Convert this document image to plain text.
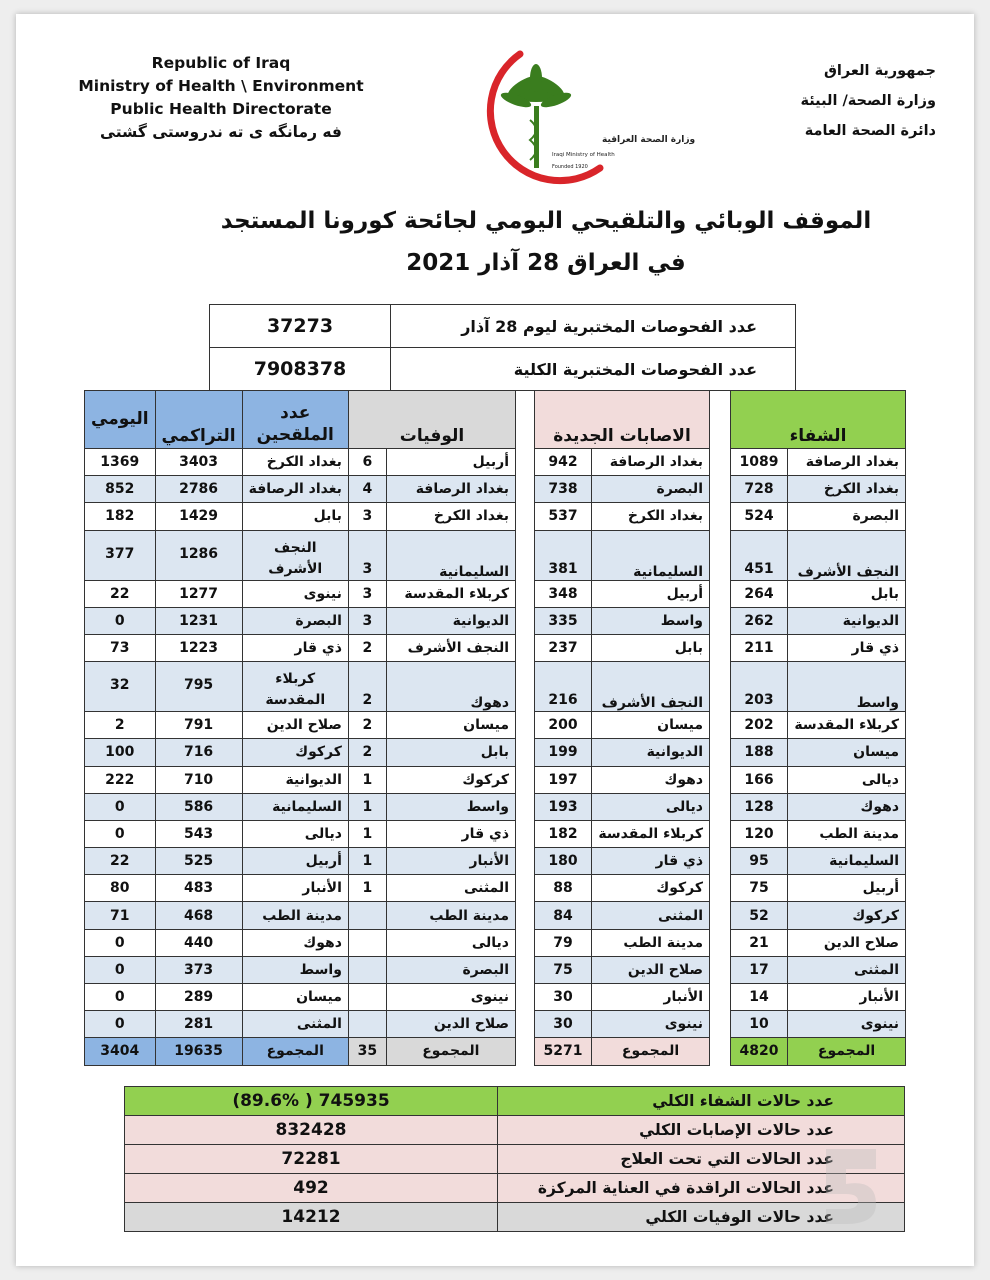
Republic of Iraq
Ministry of Health \ Environment
Public Health Directorate
فه رمانگه ی ته ندروستی گشتی	وزارة الصحة العراقية
Iraqi Ministry of Health
Founded 1920
جمهورية العراق
وزارة الصحة/ البيئة
دائرة الصحة العامة
الموقف الوبائي والتلقيحي اليومي لجائحة كورونا المستجد
في العراق 28 آذار 2021
37273	عدد الفحوصات المختبرية ليوم 28 آذار
7908378	عدد الفحوصات المختبرية الكلية
الشفاء	
بغداد الرصافة	1089
بغداد الكرخ	728
البصرة	524
النجف الأشرف	451
بابل	264
الديوانية	262
ذي قار	211
واسط	203
كربلاء المقدسة	202
ميسان	188
ديالى	166
دهوك	128
مدينة الطب	120
السليمانية	95
أربيل	75
كركوك	52
صلاح الدين	21
المثنى	17
الأنبار	14
نينوى	10
المجموع	4820
الاصابات الجديدة	
بغداد الرصافة	942
البصرة	738
بغداد الكرخ	537
السليمانية	381
أربيل	348
واسط	335
بابل	237
النجف الأشرف	216
ميسان	200
الديوانية	199
دهوك	197
ديالى	193
كربلاء المقدسة	182
ذي قار	180
كركوك	88
المثنى	84
مدينة الطب	79
صلاح الدين	75
الأنبار	30
نينوى	30
المجموع	5271
الوفيات	
أربيل	6
بغداد الرصافة	4
بغداد الكرخ	3
السليمانية	3
كربلاء المقدسة	3
الديوانية	3
النجف الأشرف	2
دهوك	2
ميسان	2
بابل	2
كركوك	1
واسط	1
ذي قار	1
الأنبار	1
المثنى	1
مدينة الطب	
ديالى	
البصرة	
نينوى	
صلاح الدين	
المجموع	35
عدد الملقحين	التراكمي	اليومي
بغداد الكرخ	3403	1369
بغداد الرصافة	2786	852
بابل	1429	182
النجف الأشرف	1286	377
نينوى	1277	22
البصرة	1231	0
ذي قار	1223	73
كربلاء المقدسة	795	32
صلاح الدين	791	2
كركوك	716	100
الديوانية	710	222
السليمانية	586	0
ديالى	543	0
أربيل	525	22
الأنبار	483	80
مدينة الطب	468	71
دهوك	440	0
واسط	373	0
ميسان	289	0
المثنى	281	0
المجموع	19635	3404
(89.6% ) 745935	عدد حالات الشفاء الكلي
832428	عدد حالات الإصابات الكلي
72281	عدد الحالات التي تحت العلاج
492	عدد الحالات الراقدة في العناية المركزة
14212	عدد حالات الوفيات الكلي
